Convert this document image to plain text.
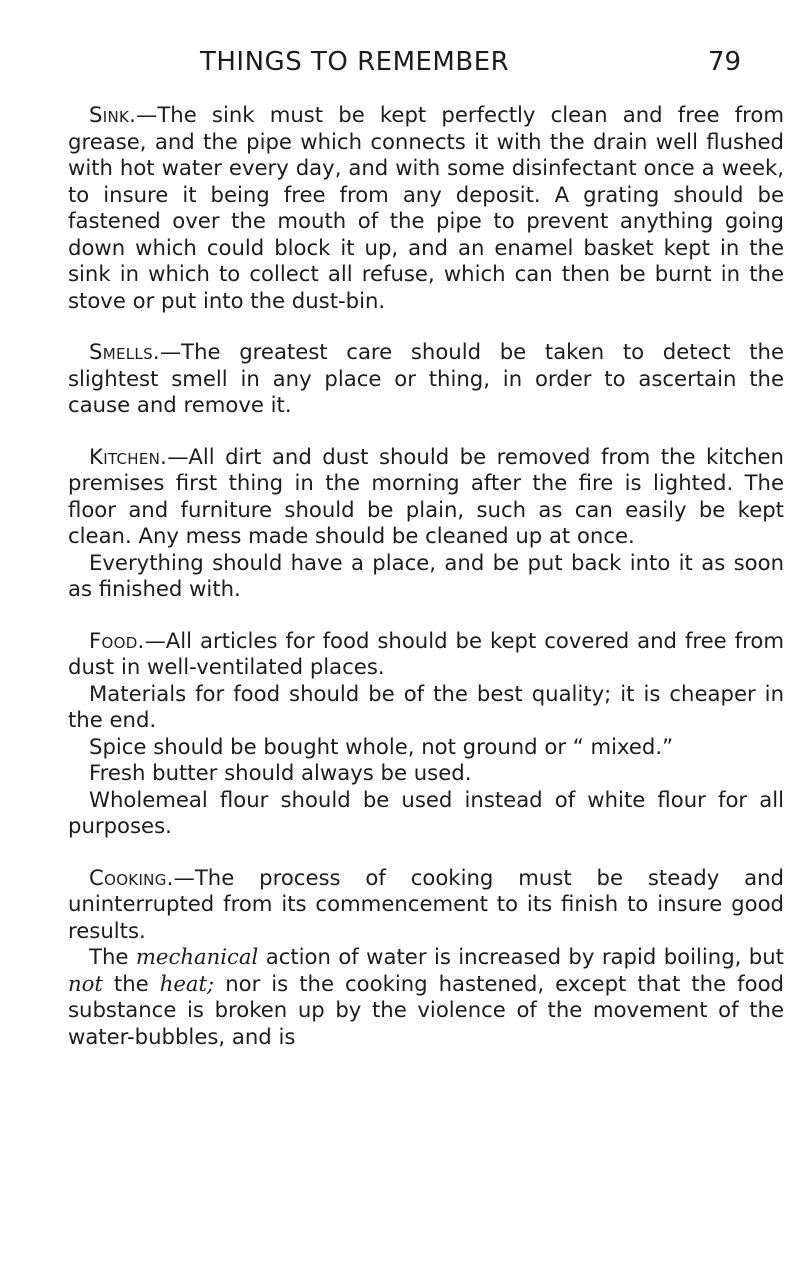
THINGS TO REMEMBER	79

Sink.—The sink must be kept perfectly clean and free from grease, and the pipe which connects it with the drain well flushed with hot water every day, and with some disinfectant once a week, to insure it being free from any deposit. A grating should be fastened over the mouth of the pipe to prevent anything going down which could block it up, and an enamel basket kept in the sink in which to collect all refuse, which can then be burnt in the stove or put into the dust-bin.

Smells.—The greatest care should be taken to detect the slightest smell in any place or thing, in order to ascertain the cause and remove it.

Kitchen.—All dirt and dust should be removed from the kitchen premises first thing in the morning after the fire is lighted. The floor and furniture should be plain, such as can easily be kept clean. Any mess made should be cleaned up at once.

Everything should have a place, and be put back into it as soon as finished with.

Food.—All articles for food should be kept covered and free from dust in well-ventilated places.

Materials for food should be of the best quality; it is cheaper in the end.

Spice should be bought whole, not ground or “ mixed.”

Fresh butter should always be used.

Wholemeal flour should be used instead of white flour for all purposes.

Cooking.—The process of cooking must be steady and uninterrupted from its commencement to its finish to insure good results.

The mechanical action of water is increased by rapid boiling, but not the heat; nor is the cooking hastened, except that the food substance is broken up by the violence of the movement of the water-bubbles, and is
